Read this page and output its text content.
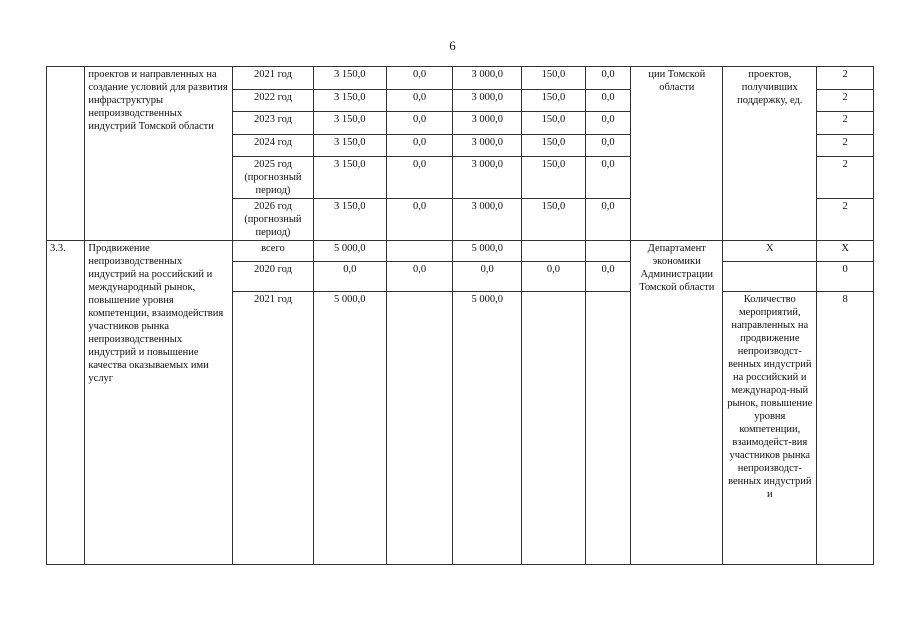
6
	проектов и направленных на создание условий для развития инфраструктуры непроизводственных индустрий Томской области	2021 год	3 150,0	0,0	3 000,0	150,0	0,0	ции Томской области	проектов, получивших поддержку, ед.	2
		2022 год	3 150,0	0,0	3 000,0	150,0	0,0			2
		2023 год	3 150,0	0,0	3 000,0	150,0	0,0			2
		2024 год	3 150,0	0,0	3 000,0	150,0	0,0			2
		2025 год (прогнозный период)	3 150,0	0,0	3 000,0	150,0	0,0			2
		2026 год (прогнозный период)	3 150,0	0,0	3 000,0	150,0	0,0			2
3.3.	Продвижение непроизводственных индустрий на российский и международный рынок, повышение уровня компетенции, взаимодействия участников рынка непроизводственных индустрий и повышение качества оказываемых ими услуг	всего	5 000,0		5 000,0			Департамент экономики Администрации Томской области	Х	Х
		2020 год	0,0	0,0	0,0	0,0	0,0			0
		2021 год	5 000,0		5 000,0				Количество мероприятий, направленных на продвижение непроизводст-венных индустрий на российский и международ-ный рынок, повышение уровня компетенции, взаимодейст-вия участников рынка непроизводст-венных индустрий и	8
